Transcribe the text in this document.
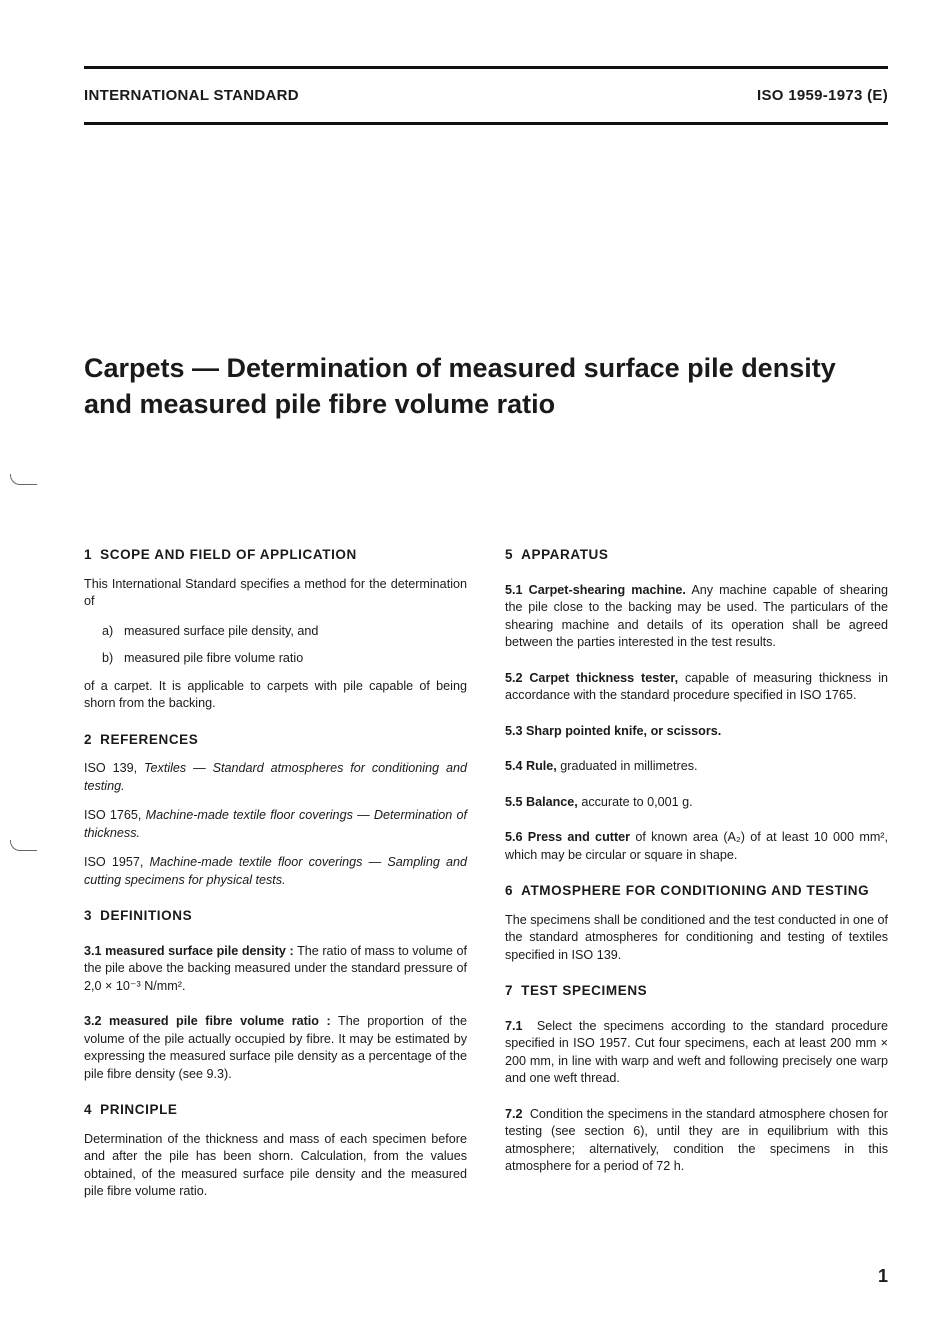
INTERNATIONAL STANDARD	ISO 1959-1973 (E)
Carpets — Determination of measured surface pile density
and measured pile fibre volume ratio
1 SCOPE AND FIELD OF APPLICATION

This International Standard specifies a method for the determination of

a) measured surface pile density, and
b) measured pile fibre volume ratio

of a carpet. It is applicable to carpets with pile capable of being shorn from the backing.

2 REFERENCES

ISO 139, Textiles — Standard atmospheres for conditioning and testing.

ISO 1765, Machine-made textile floor coverings — Determination of thickness.

ISO 1957, Machine-made textile floor coverings — Sampling and cutting specimens for physical tests.

3 DEFINITIONS

3.1 measured surface pile density : The ratio of mass to volume of the pile above the backing measured under the standard pressure of 2,0 × 10⁻³ N/mm².

3.2 measured pile fibre volume ratio : The proportion of the volume of the pile actually occupied by fibre. It may be estimated by expressing the measured surface pile density as a percentage of the pile fibre density (see 9.3).

4 PRINCIPLE

Determination of the thickness and mass of each specimen before and after the pile has been shorn. Calculation, from the values obtained, of the measured surface pile density and the measured pile fibre volume ratio.

5 APPARATUS

5.1 Carpet-shearing machine. Any machine capable of shearing the pile close to the backing may be used. The particulars of the shearing machine and details of its operation shall be agreed between the parties interested in the test results.

5.2 Carpet thickness tester, capable of measuring thickness in accordance with the standard procedure specified in ISO 1765.

5.3 Sharp pointed knife, or scissors.

5.4 Rule, graduated in millimetres.

5.5 Balance, accurate to 0,001 g.

5.6 Press and cutter of known area (A₂) of at least 10 000 mm², which may be circular or square in shape.

6 ATMOSPHERE FOR CONDITIONING AND TESTING

The specimens shall be conditioned and the test conducted in one of the standard atmospheres for conditioning and testing of textiles specified in ISO 139.

7 TEST SPECIMENS

7.1 Select the specimens according to the standard procedure specified in ISO 1957. Cut four specimens, each at least 200 mm × 200 mm, in line with warp and weft and following precisely one warp and one weft thread.

7.2 Condition the specimens in the standard atmosphere chosen for testing (see section 6), until they are in equilibrium with this atmosphere; alternatively, condition the specimens in this atmosphere for a period of 72 h.

1
